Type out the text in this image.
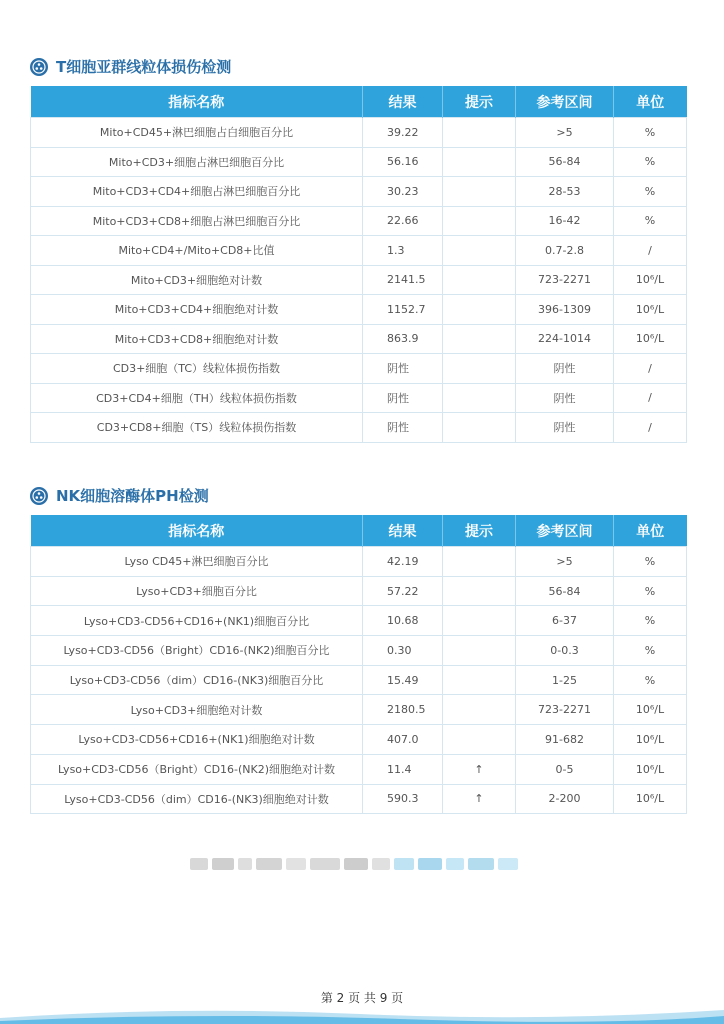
T细胞亚群线粒体损伤检测
指标名称	结果	提示	参考区间	单位
Mito+CD45+淋巴细胞占白细胞百分比	39.22		>5	%
Mito+CD3+细胞占淋巴细胞百分比	56.16		56-84	%
Mito+CD3+CD4+细胞占淋巴细胞百分比	30.23		28-53	%
Mito+CD3+CD8+细胞占淋巴细胞百分比	22.66		16-42	%
Mito+CD4+/Mito+CD8+比值	1.3		0.7-2.8	/
Mito+CD3+细胞绝对计数	2141.5		723-2271	10⁶/L
Mito+CD3+CD4+细胞绝对计数	1152.7		396-1309	10⁶/L
Mito+CD3+CD8+细胞绝对计数	863.9		224-1014	10⁶/L
CD3+细胞（TC）线粒体损伤指数	阴性		阴性	/
CD3+CD4+细胞（TH）线粒体损伤指数	阴性		阴性	/
CD3+CD8+细胞（TS）线粒体损伤指数	阴性		阴性	/
NK细胞溶酶体PH检测
指标名称	结果	提示	参考区间	单位
Lyso CD45+淋巴细胞百分比	42.19		>5	%
Lyso+CD3+细胞百分比	57.22		56-84	%
Lyso+CD3-CD56+CD16+(NK1)细胞百分比	10.68		6-37	%
Lyso+CD3-CD56（Bright）CD16-(NK2)细胞百分比	0.30		0-0.3	%
Lyso+CD3-CD56（dim）CD16-(NK3)细胞百分比	15.49		1-25	%
Lyso+CD3+细胞绝对计数	2180.5		723-2271	10⁶/L
Lyso+CD3-CD56+CD16+(NK1)细胞绝对计数	407.0		91-682	10⁶/L
Lyso+CD3-CD56（Bright）CD16-(NK2)细胞绝对计数	11.4	↑	0-5	10⁶/L
Lyso+CD3-CD56（dim）CD16-(NK3)细胞绝对计数	590.3	↑	2-200	10⁶/L
第 2 页 共 9 页
